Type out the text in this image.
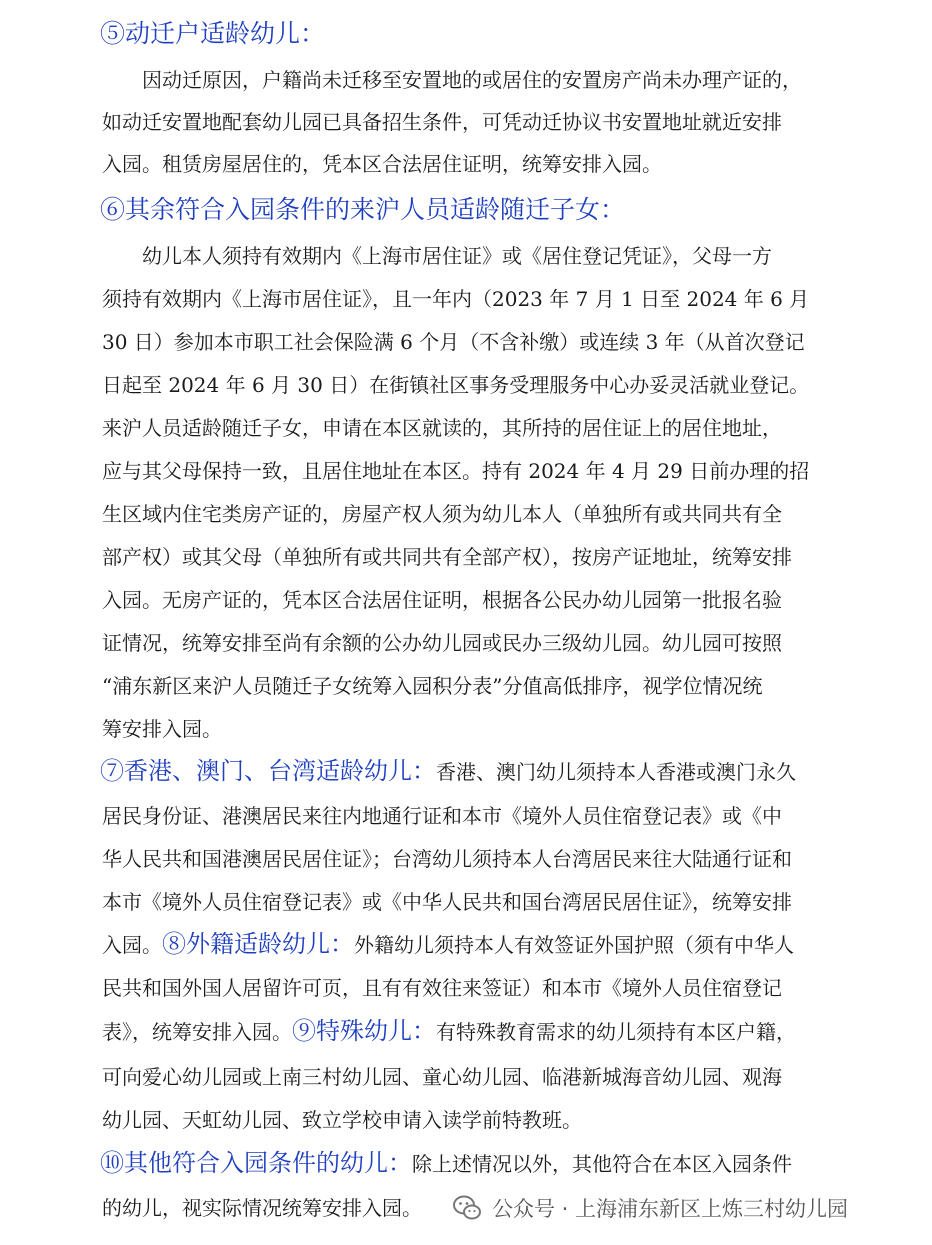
⑤动迁户适龄幼儿：
因动迁原因，户籍尚未迁移至安置地的或居住的安置房产尚未办理产证的，
如动迁安置地配套幼儿园已具备招生条件，可凭动迁协议书安置地址就近安排
入园。租赁房屋居住的，凭本区合法居住证明，统筹安排入园。
⑥其余符合入园条件的来沪人员适龄随迁子女：
幼儿本人须持有效期内《上海市居住证》或《居住登记凭证》，父母一方
须持有效期内《上海市居住证》，且一年内（2023 年 7 月 1 日至 2024 年 6 月
30 日）参加本市职工社会保险满 6 个月（不含补缴）或连续 3 年（从首次登记
日起至 2024 年 6 月 30 日）在街镇社区事务受理服务中心办妥灵活就业登记。
来沪人员适龄随迁子女，申请在本区就读的，其所持的居住证上的居住地址，
应与其父母保持一致，且居住地址在本区。持有 2024 年 4 月 29 日前办理的招
生区域内住宅类房产证的，房屋产权人须为幼儿本人（单独所有或共同共有全
部产权）或其父母（单独所有或共同共有全部产权），按房产证地址，统筹安排
入园。无房产证的，凭本区合法居住证明，根据各公民办幼儿园第一批报名验
证情况，统筹安排至尚有余额的公办幼儿园或民办三级幼儿园。幼儿园可按照
“浦东新区来沪人员随迁子女统筹入园积分表”分值高低排序，视学位情况统
筹安排入园。
⑦香港、澳门、台湾适龄幼儿：香港、澳门幼儿须持本人香港或澳门永久
居民身份证、港澳居民来往内地通行证和本市《境外人员住宿登记表》或《中
华人民共和国港澳居民居住证》；台湾幼儿须持本人台湾居民来往大陆通行证和
本市《境外人员住宿登记表》或《中华人民共和国台湾居民居住证》，统筹安排
入园。⑧外籍适龄幼儿：外籍幼儿须持本人有效签证外国护照（须有中华人
民共和国外国人居留许可页，且有有效往来签证）和本市《境外人员住宿登记
表》，统筹安排入园。⑨特殊幼儿：有特殊教育需求的幼儿须持有本区户籍，
可向爱心幼儿园或上南三村幼儿园、童心幼儿园、临港新城海音幼儿园、观海
幼儿园、天虹幼儿园、致立学校申请入读学前特教班。
⑩其他符合入园条件的幼儿：除上述情况以外，其他符合在本区入园条件
的幼儿，视实际情况统筹安排入园。	公众号 · 上海浦东新区上炼三村幼儿园
